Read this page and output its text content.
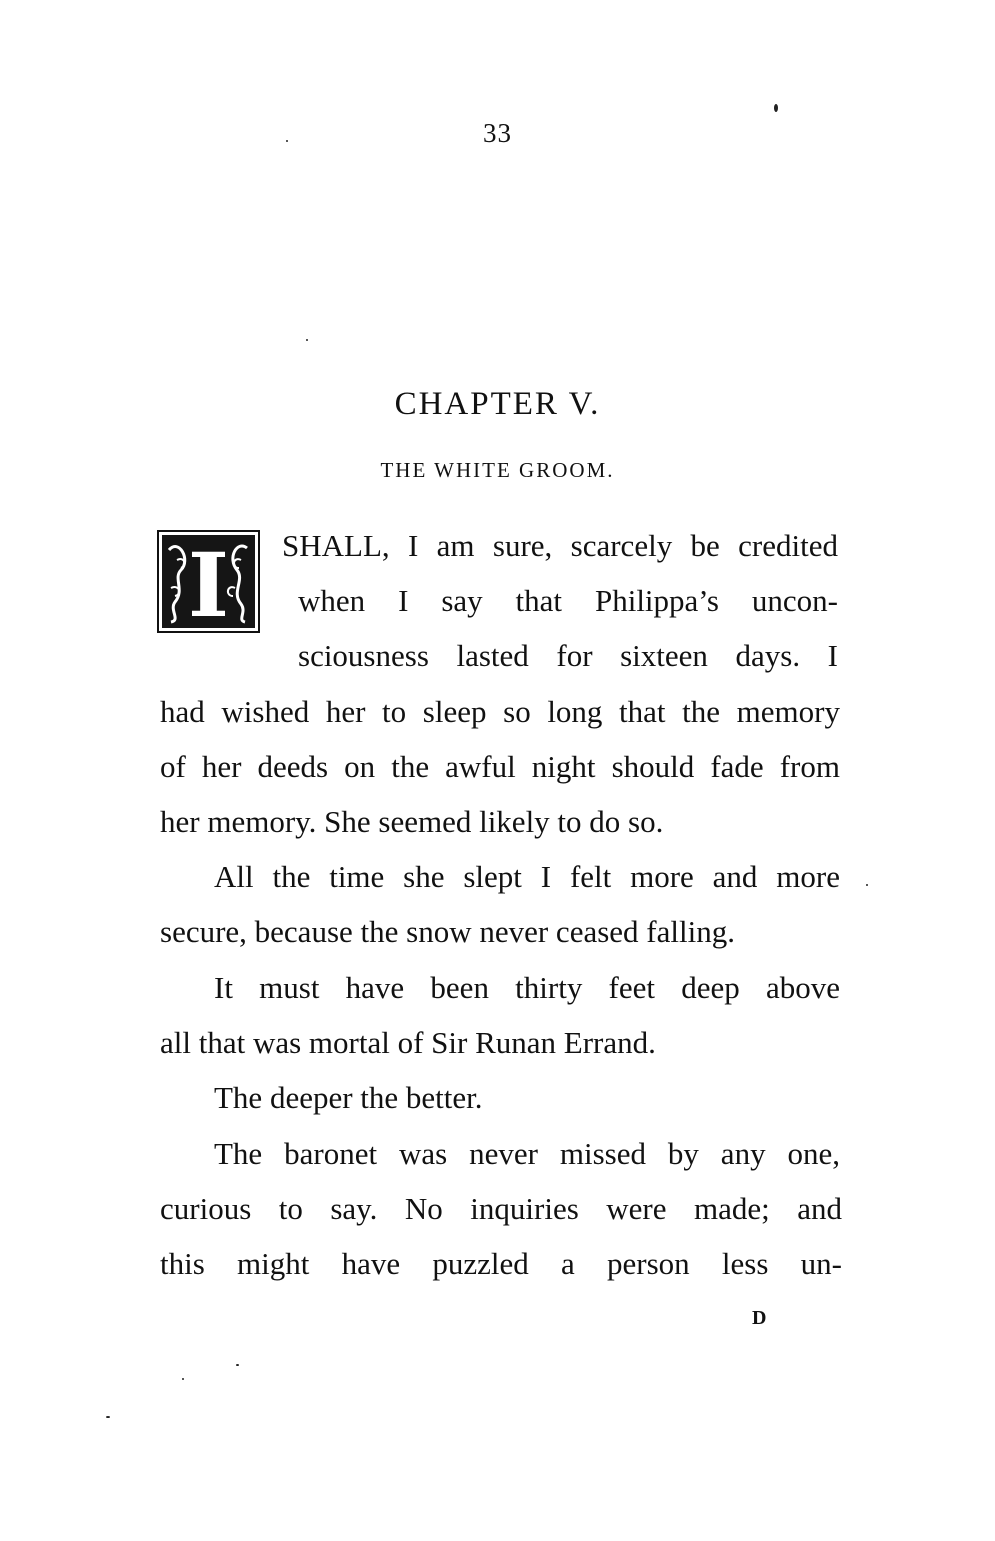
33
CHAPTER V.
THE WHITE GROOM.
I SHALL, I am sure, scarcely be credited
when I say that Philippa’s uncon-
sciousness lasted for sixteen days. I
had wished her to sleep so long that the memory
of her deeds on the awful night should fade from
her memory. She seemed likely to do so.
All the time she slept I felt more and more
secure, because the snow never ceased falling.
It must have been thirty feet deep above
all that was mortal of Sir Runan Errand.
The deeper the better.
The baronet was never missed by any one,
curious to say. No inquiries were made; and
this might have puzzled a person less un-
D
